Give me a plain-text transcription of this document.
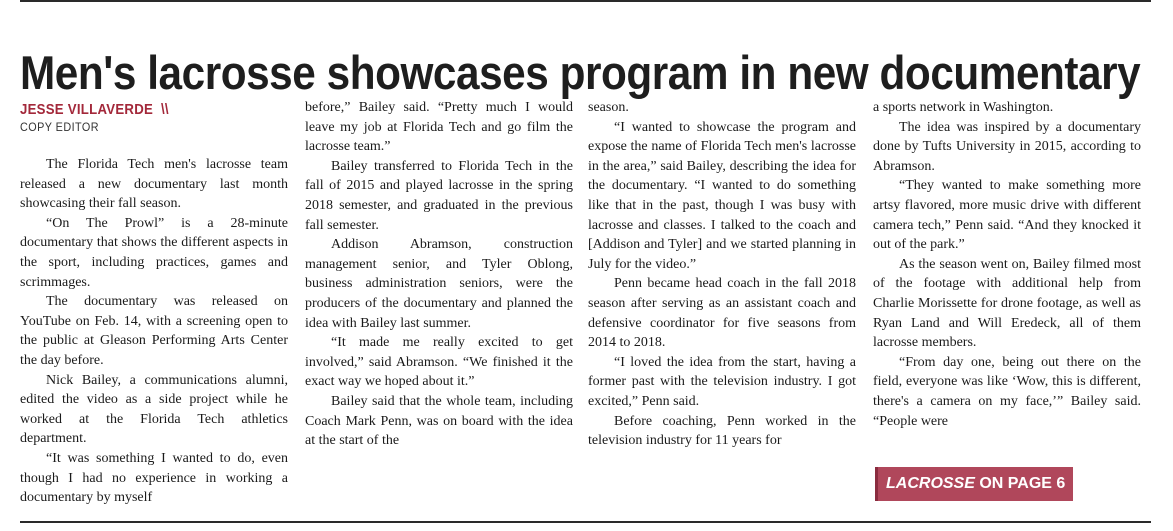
Men's lacrosse showcases program in new documentary
JESSE VILLAVERDE \\
COPY EDITOR

The Florida Tech men's lacrosse team released a new documentary last month showcasing their fall season.

“On The Prowl” is a 28-minute documentary that shows the different aspects in the sport, including practices, games and scrimmages.

The documentary was released on YouTube on Feb. 14, with a screening open to the public at Gleason Performing Arts Center the day before.

Nick Bailey, a communications alumni, edited the video as a side project while he worked at the Florida Tech athletics department.

“It was something I wanted to do, even though I had no experience in working a documentary by myself

before,” Bailey said. “Pretty much I would leave my job at Florida Tech and go film the lacrosse team.”

Bailey transferred to Florida Tech in the fall of 2015 and played lacrosse in the spring 2018 semester, and graduated in the previous fall semester.

Addison Abramson, construction management senior, and Tyler Oblong, business administration seniors, were the producers of the documentary and planned the idea with Bailey last summer.

“It made me really excited to get involved,” said Abramson. “We finished it the exact way we hoped about it.”

Bailey said that the whole team, including Coach Mark Penn, was on board with the idea at the start of the

season.

“I wanted to showcase the program and expose the name of Florida Tech men's lacrosse in the area,” said Bailey, describing the idea for the documentary. “I wanted to do something like that in the past, though I was busy with lacrosse and classes. I talked to the coach and [Addison and Tyler] and we started planning in July for the video.”

Penn became head coach in the fall 2018 season after serving as an assistant coach and defensive coordinator for five seasons from 2014 to 2018.

“I loved the idea from the start, having a former past with the television industry. I got excited,” Penn said.

Before coaching, Penn worked in the television industry for 11 years for

a sports network in Washington.

The idea was inspired by a documentary done by Tufts University in 2015, according to Abramson.

“They wanted to make something more artsy flavored, more music drive with different camera tech,” Penn said. “And they knocked it out of the park.”

As the season went on, Bailey filmed most of the footage with additional help from Charlie Morissette for drone footage, as well as Ryan Land and Will Eredeck, all of them lacrosse members.

“From day one, being out there on the field, everyone was like ‘Wow, this is different, there's a camera on my face,’” Bailey said. “People were

LACROSSE ON PAGE 6
